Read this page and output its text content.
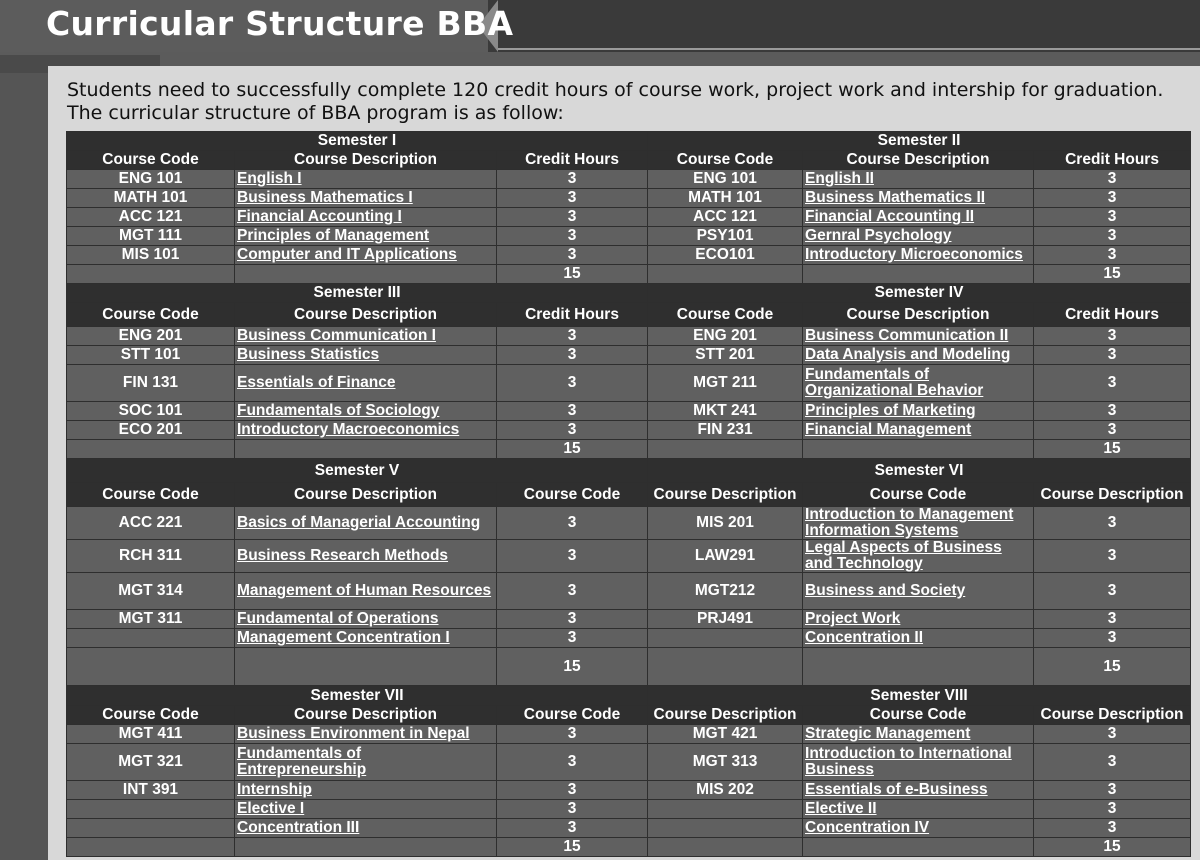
Curricular Structure BBA
Students need to successfully complete 120 credit hours of course work, project work and intership for graduation. The curricular structure of BBA program is as follow:
Semester I			Semester II		
Course Code	Course Description	Credit Hours	Course Code	Course Description	Credit Hours
ENG 101	English I	3	ENG 101	English II	3
MATH 101	Business Mathematics I	3	MATH 101	Business Mathematics II	3
ACC 121	Financial Accounting I	3	ACC 121	Financial Accounting II	3
MGT 111	Principles of Management	3	PSY101	Gernral Psychology	3
MIS 101	Computer and IT Applications	3	ECO101	Introductory Microeconomics	3
		15			15
Semester III			Semester IV		
Course Code	Course Description	Credit Hours	Course Code	Course Description	Credit Hours
ENG 201	Business Communication I	3	ENG 201	Business Communication II	3
STT 101	Business Statistics	3	STT 201	Data Analysis and Modeling	3
FIN 131	Essentials of Finance	3	MGT 211	Fundamentals of Organizational Behavior	3
SOC 101	Fundamentals of Sociology	3	MKT 241	Principles of Marketing	3
ECO 201	Introductory Macroeconomics	3	FIN 231	Financial Management	3
		15			15
Semester V			Semester VI		
Course Code	Course Description	Course Code	Course Description	Course Code	Course Description
ACC 221	Basics of Managerial Accounting	3	MIS 201	Introduction to Management Information Systems	3
RCH 311	Business Research Methods	3	LAW291	Legal Aspects of Business and Technology	3
MGT 314	Management of Human Resources	3	MGT212	Business and Society	3
MGT 311	Fundamental of Operations	3	PRJ491	Project Work	3
	Management Concentration I	3		Concentration II	3
		15			15
Semester VII			Semester VIII		
Course Code	Course Description	Course Code	Course Description	Course Code	Course Description
MGT 411	Business Environment in Nepal	3	MGT 421	Strategic Management	3
MGT 321	Fundamentals of Entrepreneurship	3	MGT 313	Introduction to International Business	3
INT 391	Internship	3	MIS 202	Essentials of e-Business	3
	Elective I	3		Elective II	3
	Concentration III	3		Concentration IV	3
		15			15
